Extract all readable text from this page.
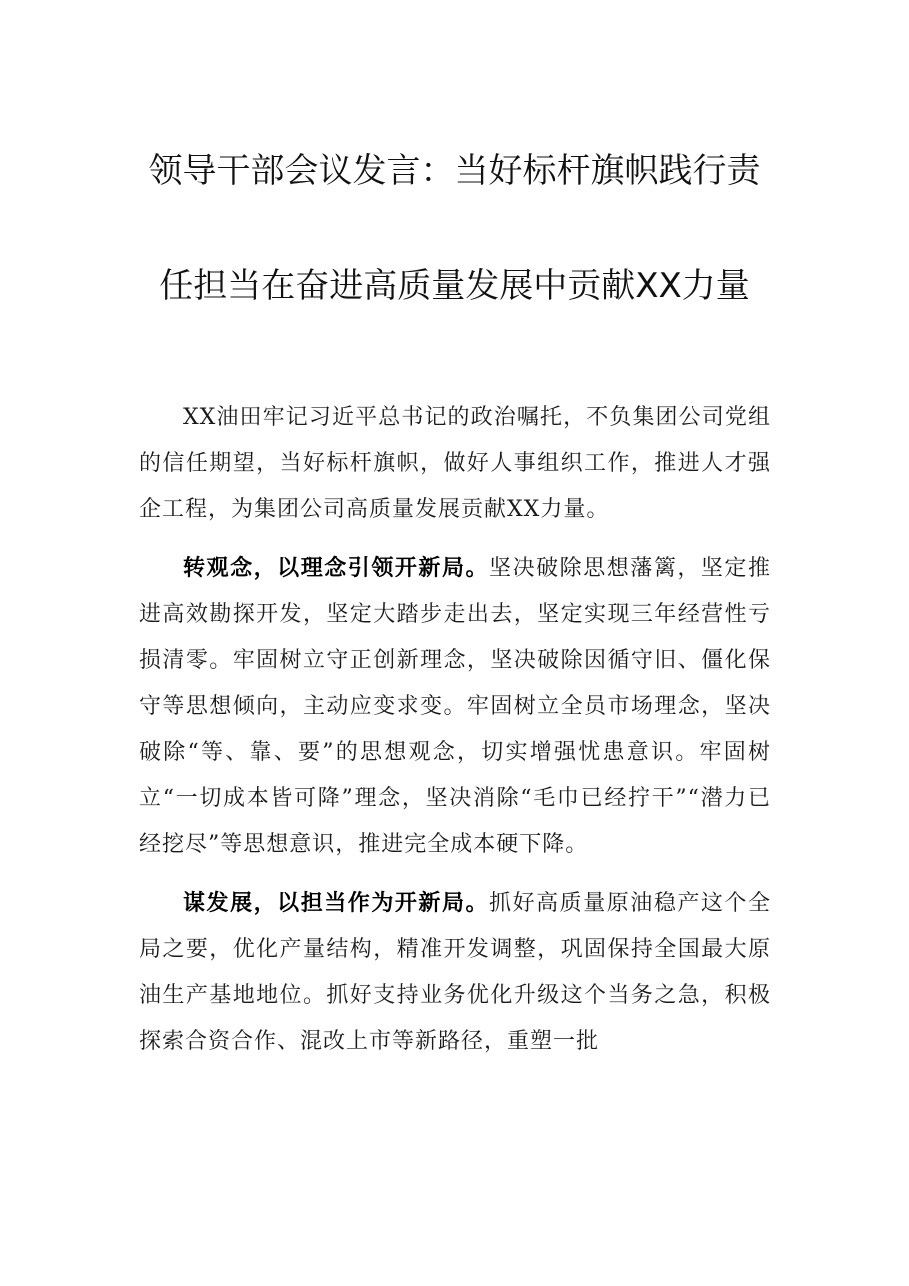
领导干部会议发言：当好标杆旗帜践行责
任担当在奋进高质量发展中贡献XX力量

XX油田牢记习近平总书记的政治嘱托，不负集团公司党组的信任期望，当好标杆旗帜，做好人事组织工作，推进人才强企工程，为集团公司高质量发展贡献XX力量。

转观念，以理念引领开新局。坚决破除思想藩篱，坚定推进高效勘探开发，坚定大踏步走出去，坚定实现三年经营性亏损清零。牢固树立守正创新理念，坚决破除因循守旧、僵化保守等思想倾向，主动应变求变。牢固树立全员市场理念，坚决破除“等、靠、要”的思想观念，切实增强忧患意识。牢固树立“一切成本皆可降”理念，坚决消除“毛巾已经拧干”“潜力已经挖尽”等思想意识，推进完全成本硬下降。

谋发展，以担当作为开新局。抓好高质量原油稳产这个全局之要，优化产量结构，精准开发调整，巩固保持全国最大原油生产基地地位。抓好支持业务优化升级这个当务之急，积极探索合资合作、混改上市等新路径，重塑一批
